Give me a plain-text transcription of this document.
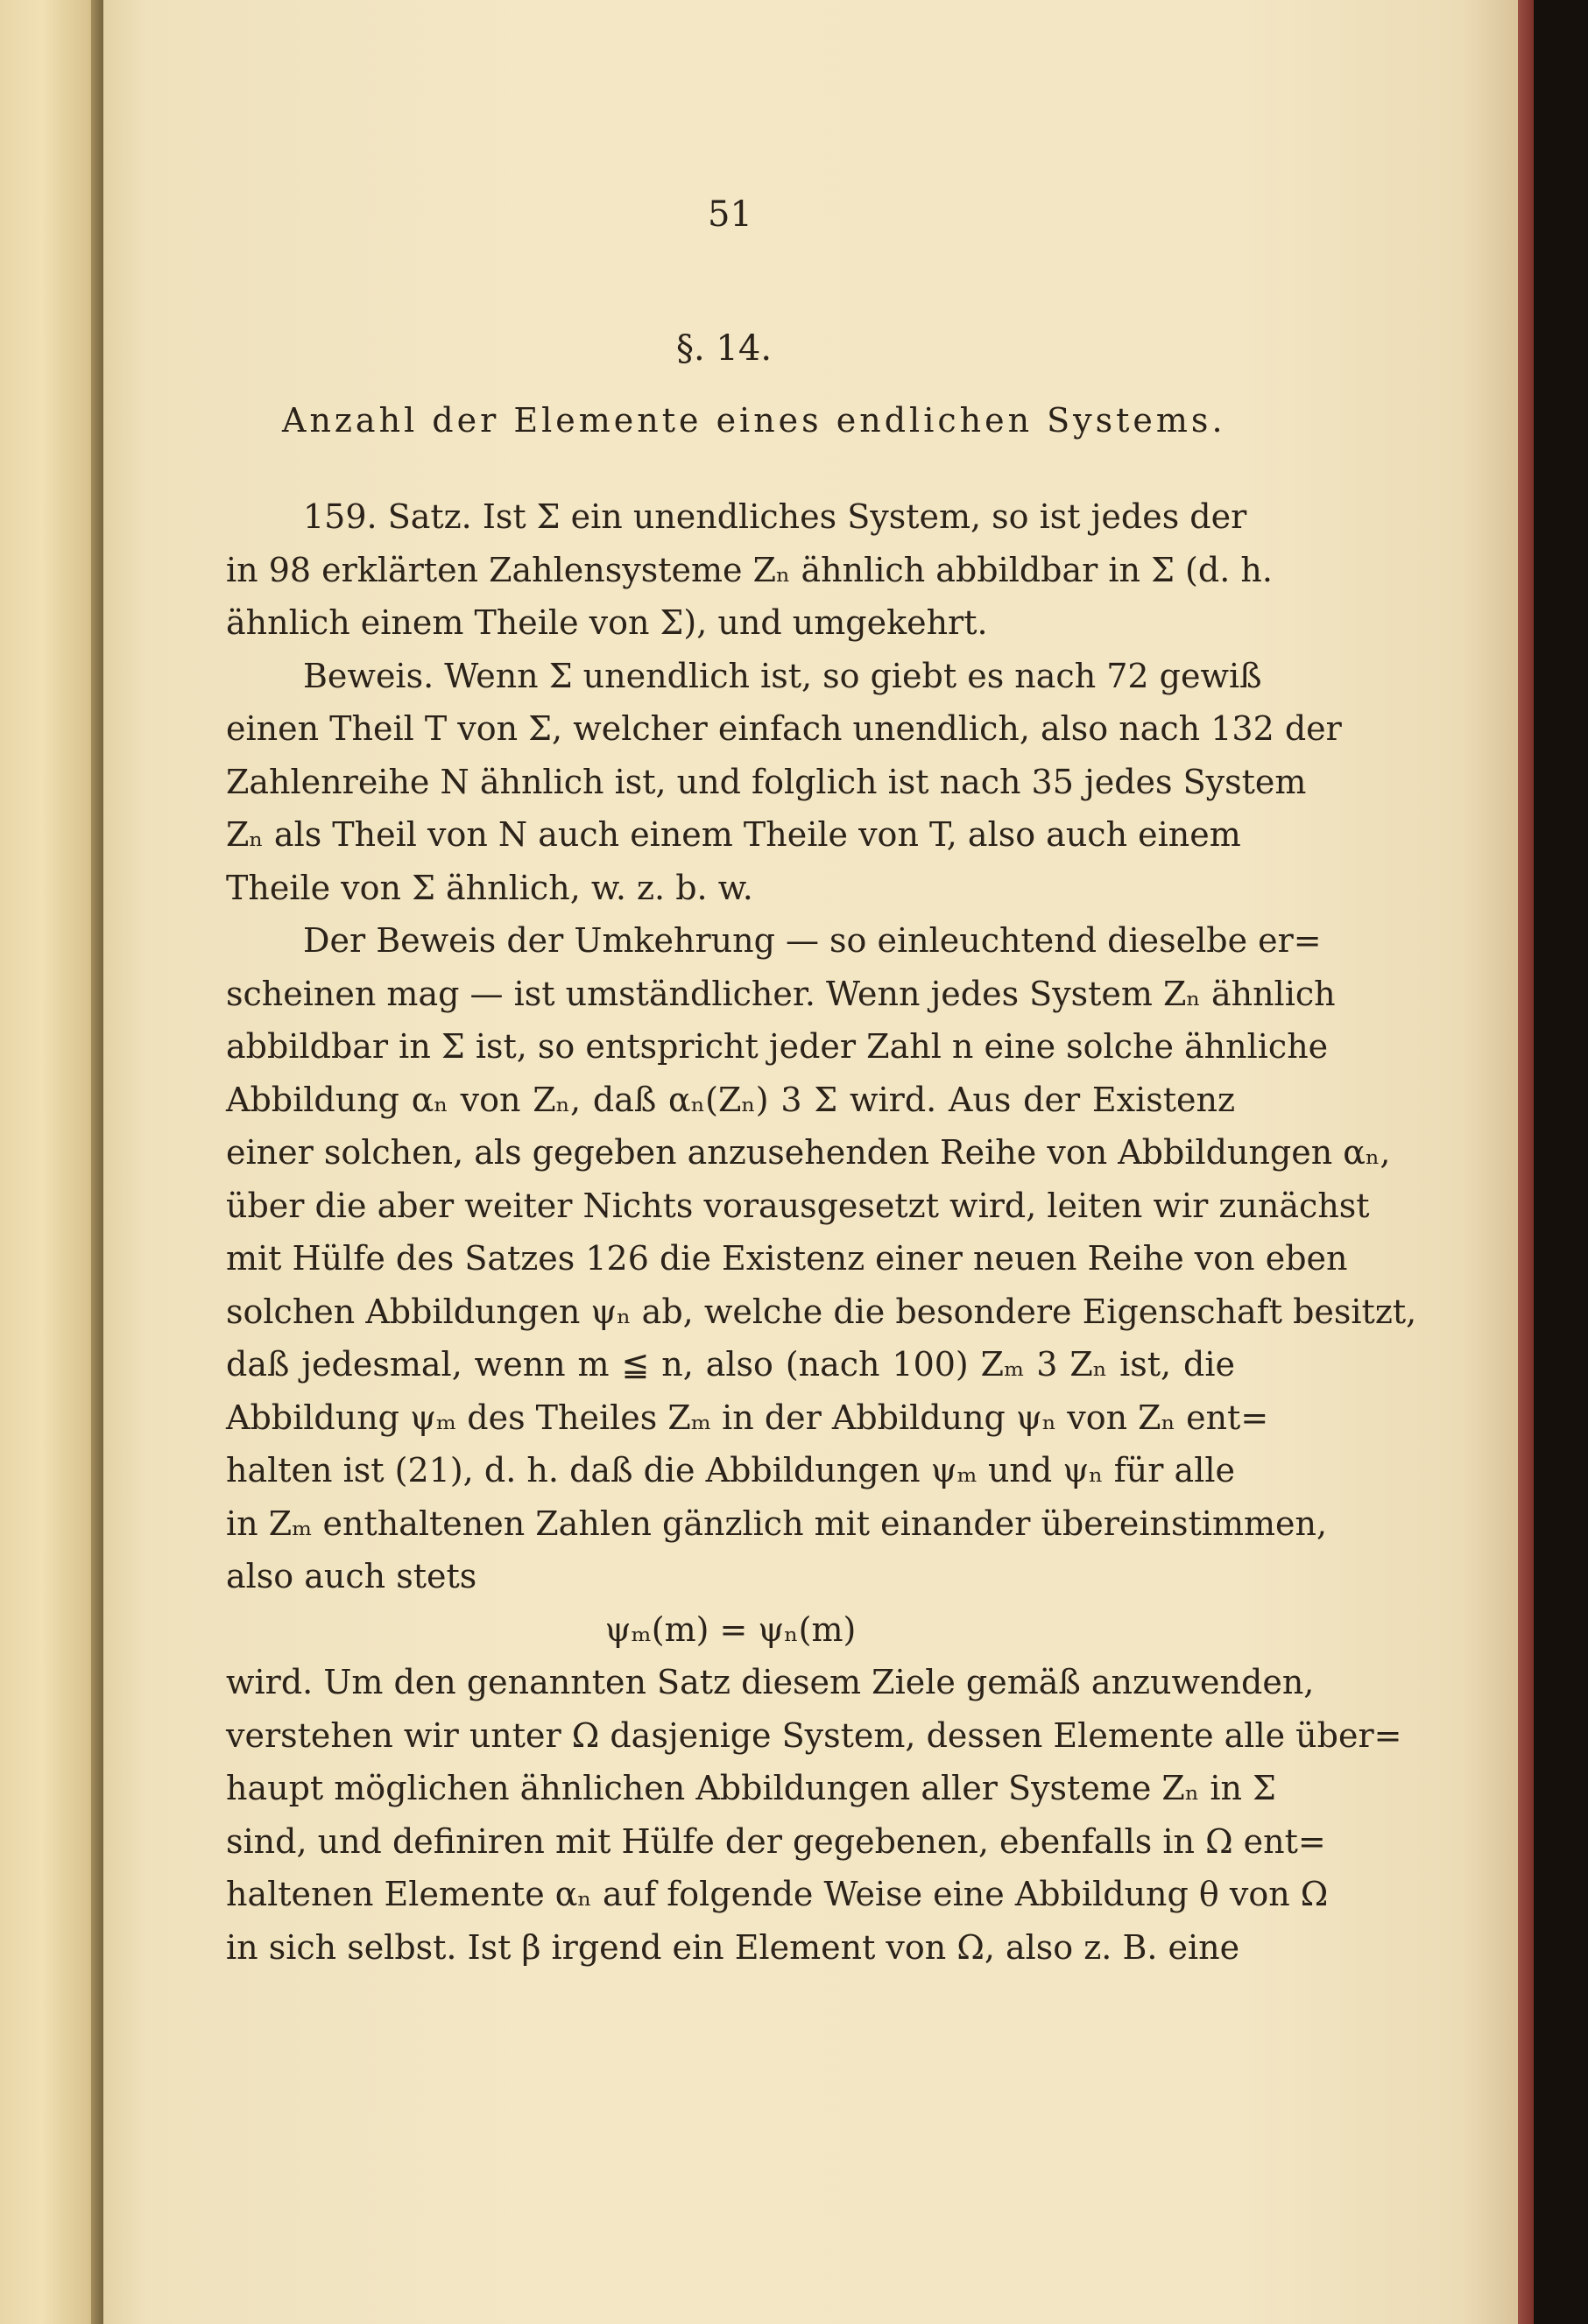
51
§. 14.
Anzahl der Elemente eines endlichen Systems.
159. Satz. Ist Σ ein unendliches System, so ist jedes der
in 98 erklärten Zahlensysteme Zₙ ähnlich abbildbar in Σ (d. h.
ähnlich einem Theile von Σ), und umgekehrt.
Beweis. Wenn Σ unendlich ist, so giebt es nach 72 gewiß
einen Theil T von Σ, welcher einfach unendlich, also nach 132 der
Zahlenreihe N ähnlich ist, und folglich ist nach 35 jedes System
Zₙ als Theil von N auch einem Theile von T, also auch einem
Theile von Σ ähnlich, w. z. b. w.
Der Beweis der Umkehrung — so einleuchtend dieselbe er=
scheinen mag — ist umständlicher. Wenn jedes System Zₙ ähnlich
abbildbar in Σ ist, so entspricht jeder Zahl n eine solche ähnliche
Abbildung αₙ von Zₙ, daß αₙ(Zₙ) 3 Σ wird. Aus der Existenz
einer solchen, als gegeben anzusehenden Reihe von Abbildungen αₙ,
über die aber weiter Nichts vorausgesetzt wird, leiten wir zunächst
mit Hülfe des Satzes 126 die Existenz einer neuen Reihe von eben
solchen Abbildungen ψₙ ab, welche die besondere Eigenschaft besitzt,
daß jedesmal, wenn m ≦ n, also (nach 100) Zₘ 3 Zₙ ist, die
Abbildung ψₘ des Theiles Zₘ in der Abbildung ψₙ von Zₙ ent=
halten ist (21), d. h. daß die Abbildungen ψₘ und ψₙ für alle
in Zₘ enthaltenen Zahlen gänzlich mit einander übereinstimmen,
also auch stets
ψₘ(m) = ψₙ(m)
wird. Um den genannten Satz diesem Ziele gemäß anzuwenden,
verstehen wir unter Ω dasjenige System, dessen Elemente alle über=
haupt möglichen ähnlichen Abbildungen aller Systeme Zₙ in Σ
sind, und definiren mit Hülfe der gegebenen, ebenfalls in Ω ent=
haltenen Elemente αₙ auf folgende Weise eine Abbildung θ von Ω
in sich selbst. Ist β irgend ein Element von Ω, also z. B. eine
